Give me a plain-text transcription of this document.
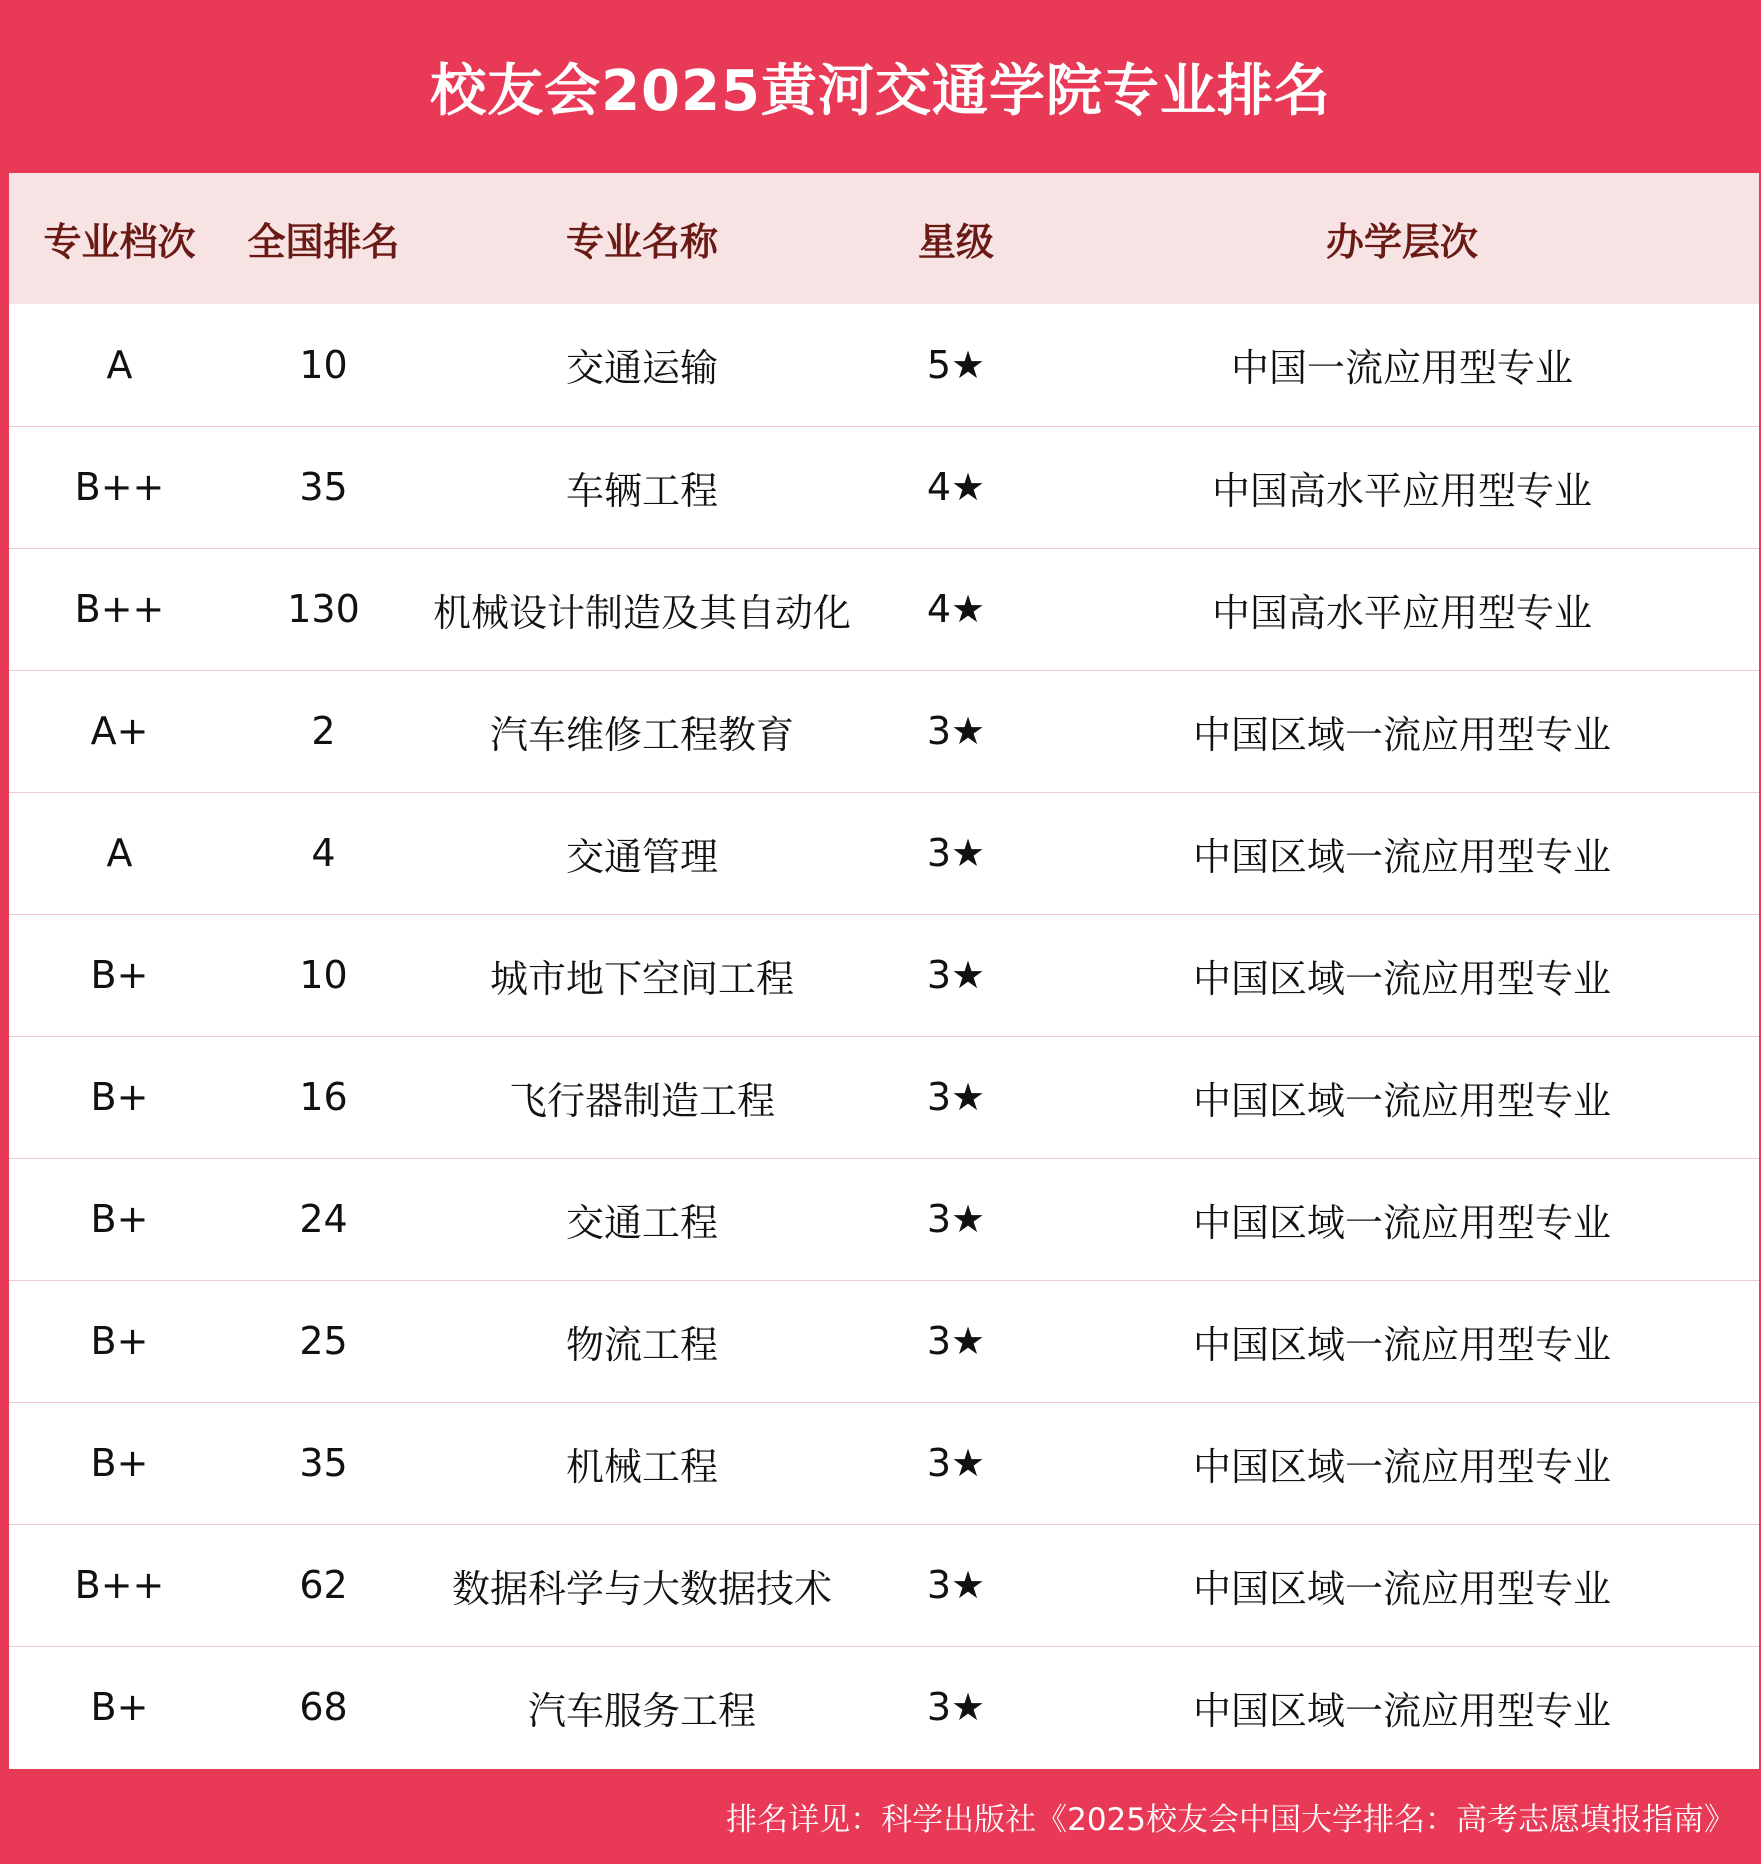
校友会2025黄河交通学院专业排名
专业档次	全国排名	专业名称	星级	办学层次
A	10	交通运输	5★	中国一流应用型专业
B++	35	车辆工程	4★	中国高水平应用型专业
B++	130	机械设计制造及其自动化	4★	中国高水平应用型专业
A+	2	汽车维修工程教育	3★	中国区域一流应用型专业
A	4	交通管理	3★	中国区域一流应用型专业
B+	10	城市地下空间工程	3★	中国区域一流应用型专业
B+	16	飞行器制造工程	3★	中国区域一流应用型专业
B+	24	交通工程	3★	中国区域一流应用型专业
B+	25	物流工程	3★	中国区域一流应用型专业
B+	35	机械工程	3★	中国区域一流应用型专业
B++	62	数据科学与大数据技术	3★	中国区域一流应用型专业
B+	68	汽车服务工程	3★	中国区域一流应用型专业
排名详见：科学出版社《2025校友会中国大学排名：高考志愿填报指南》
